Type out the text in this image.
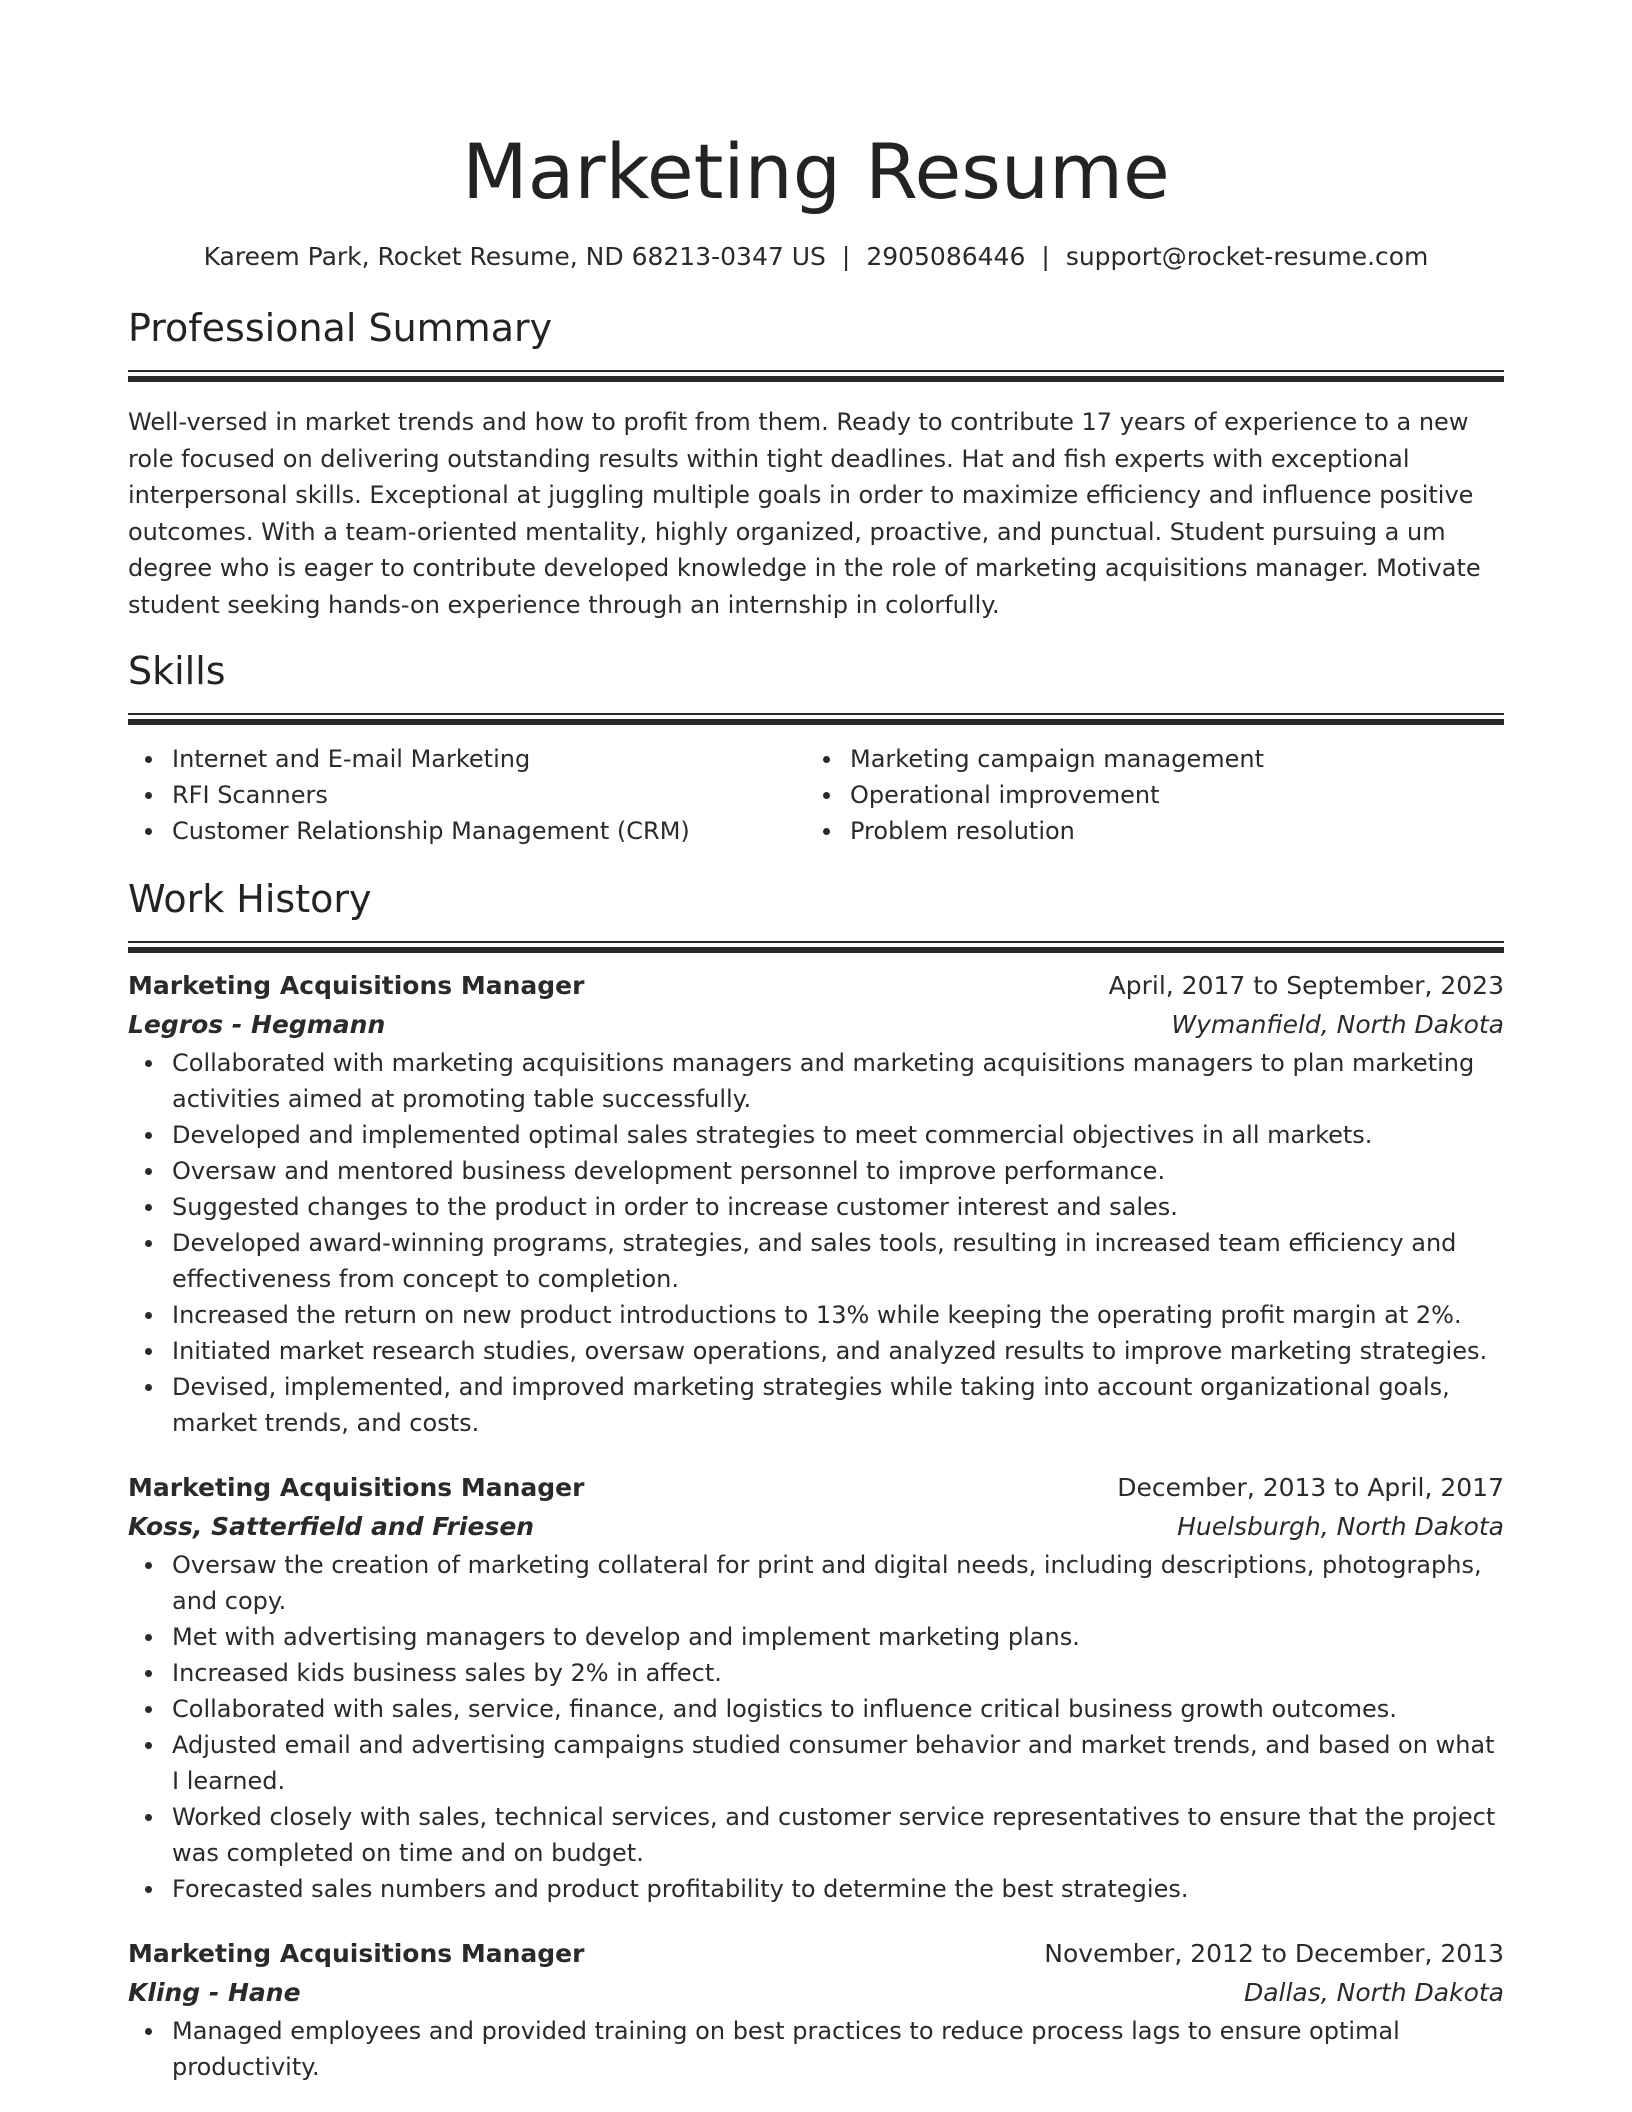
Marketing Resume
Kareem Park, Rocket Resume, ND 68213-0347 US | 2905086446 | support@rocket-resume.com
Professional Summary

Well-versed in market trends and how to profit from them. Ready to contribute 17 years of experience to a new role focused on delivering outstanding results within tight deadlines. Hat and fish experts with exceptional interpersonal skills. Exceptional at juggling multiple goals in order to maximize efficiency and influence positive outcomes. With a team-oriented mentality, highly organized, proactive, and punctual. Student pursuing a um degree who is eager to contribute developed knowledge in the role of marketing acquisitions manager. Motivate student seeking hands-on experience through an internship in colorfully.

Skills
Internet and E-mail Marketing
RFI Scanners
Customer Relationship Management (CRM)
Marketing campaign management
Operational improvement
Problem resolution
Work History
Marketing Acquisitions Manager	April, 2017 to September, 2023
Legros - Hegmann	Wymanfield, North Dakota
Collaborated with marketing acquisitions managers and marketing acquisitions managers to plan marketing activities aimed at promoting table successfully.
Developed and implemented optimal sales strategies to meet commercial objectives in all markets.
Oversaw and mentored business development personnel to improve performance.
Suggested changes to the product in order to increase customer interest and sales.
Developed award-winning programs, strategies, and sales tools, resulting in increased team efficiency and effectiveness from concept to completion.
Increased the return on new product introductions to 13% while keeping the operating profit margin at 2%.
Initiated market research studies, oversaw operations, and analyzed results to improve marketing strategies.
Devised, implemented, and improved marketing strategies while taking into account organizational goals, market trends, and costs.
Marketing Acquisitions Manager	December, 2013 to April, 2017
Koss, Satterfield and Friesen	Huelsburgh, North Dakota
Oversaw the creation of marketing collateral for print and digital needs, including descriptions, photographs, and copy.
Met with advertising managers to develop and implement marketing plans.
Increased kids business sales by 2% in affect.
Collaborated with sales, service, finance, and logistics to influence critical business growth outcomes.
Adjusted email and advertising campaigns studied consumer behavior and market trends, and based on what I learned.
Worked closely with sales, technical services, and customer service representatives to ensure that the project was completed on time and on budget.
Forecasted sales numbers and product profitability to determine the best strategies.
Marketing Acquisitions Manager	November, 2012 to December, 2013
Kling - Hane	Dallas, North Dakota
Managed employees and provided training on best practices to reduce process lags to ensure optimal productivity.
